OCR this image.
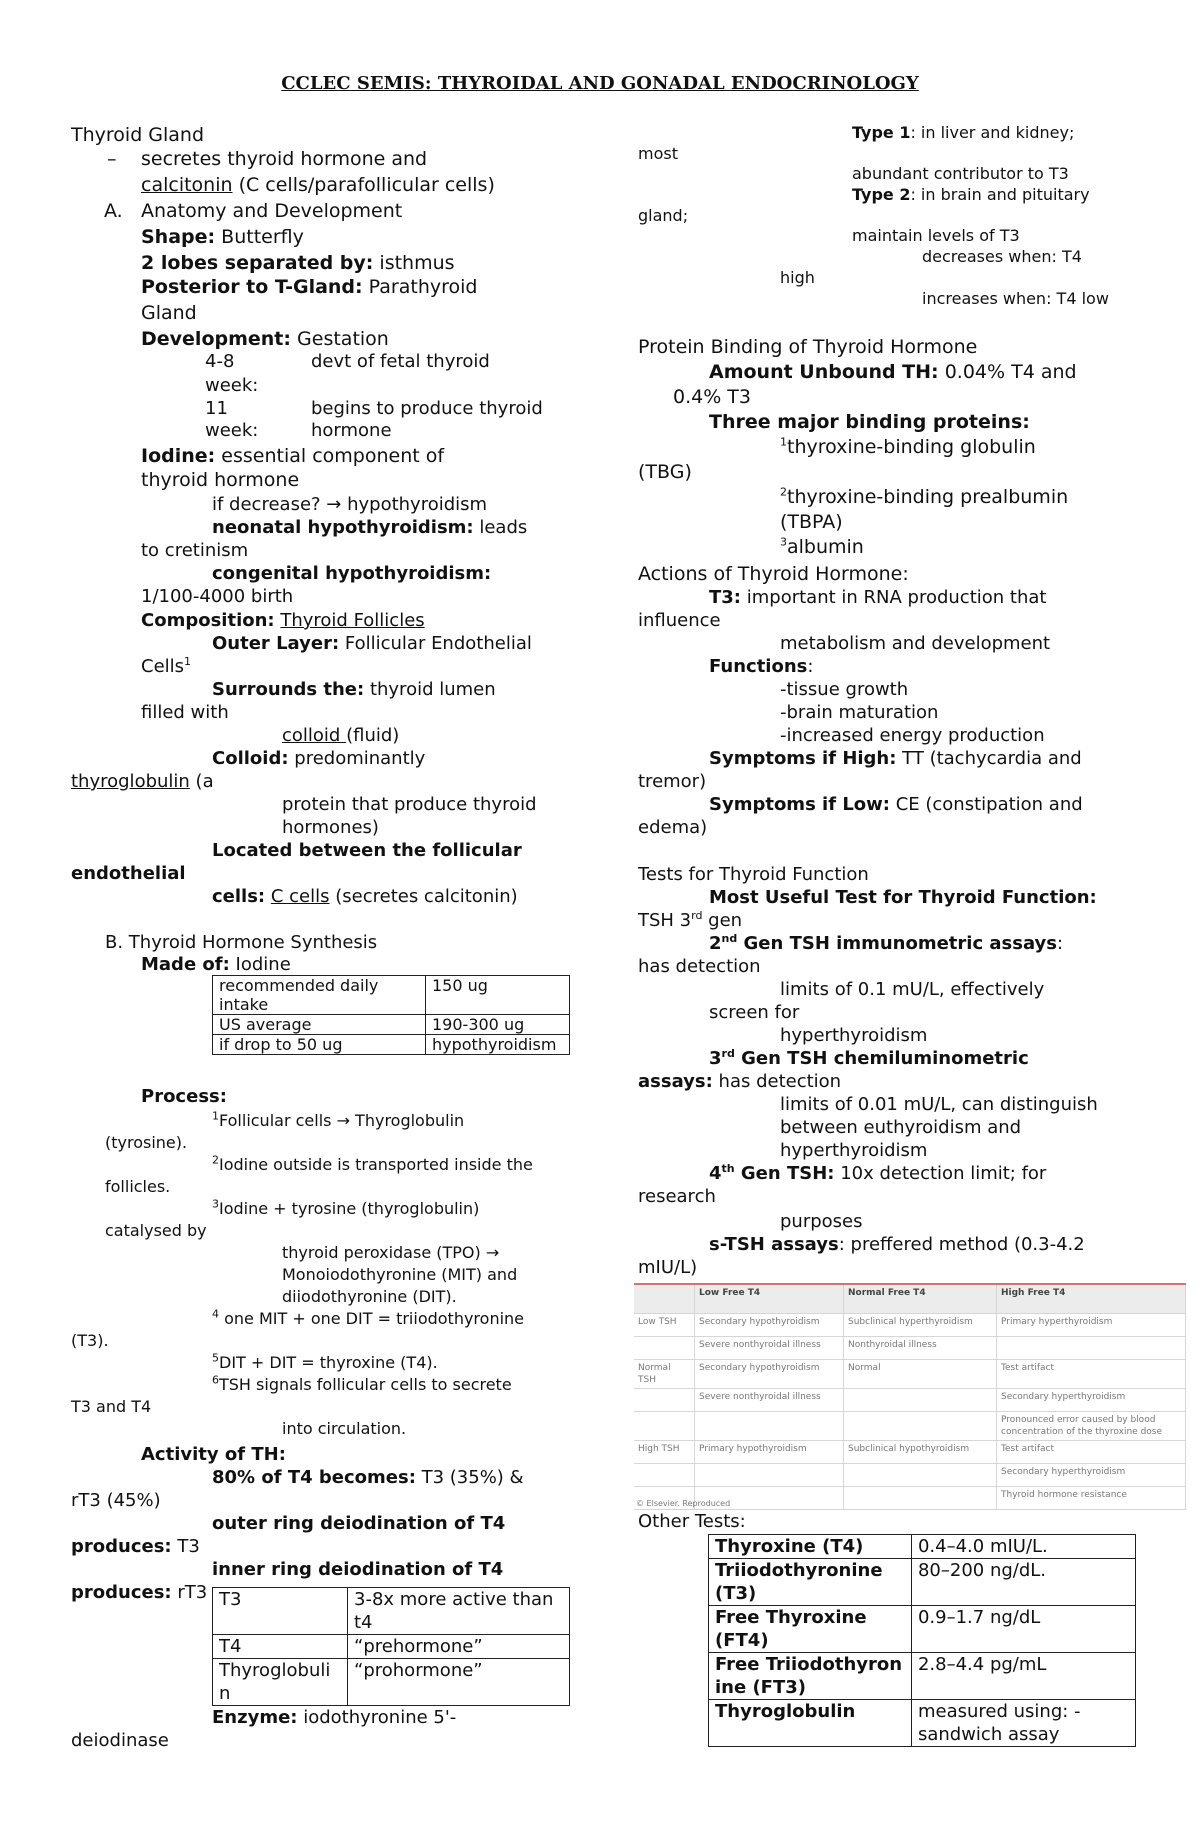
CCLEC SEMIS: THYROIDAL AND GONADAL ENDOCRINOLOGY
Thyroid Gland
– secretes thyroid hormone and
calcitonin (C cells/parafollicular cells)
A. Anatomy and Development
Shape: Butterfly
2 lobes separated by: isthmus
Posterior to T-Gland: Parathyroid
Gland
Development: Gestation
4-8	devt of fetal thyroid
week:
11	begins to produce thyroid
week:	hormone
Iodine: essential component of
thyroid hormone
if decrease? → hypothyroidism
neonatal hypothyroidism: leads
to cretinism
congenital hypothyroidism:
1/100-4000 birth
Composition: Thyroid Follicles
Outer Layer: Follicular Endothelial
Cells$^1$
Surrounds the: thyroid lumen
filled with
colloid (fluid)
Colloid: predominantly
thyroglobulin (a
protein that produce thyroid
hormones)
Located between the follicular
endothelial
cells: C cells (secretes calcitonin)
B. Thyroid Hormone Synthesis
Made of: Iodine
recommended daily intake	150 ug
US average	190-300 ug
if drop to 50 ug	hypothyroidism
Process:
$^1$Follicular cells → Thyroglobulin
(tyrosine).
$^2$Iodine outside is transported inside the
follicles.
$^3$Iodine + tyrosine (thyroglobulin)
catalysed by
thyroid peroxidase (TPO) →
Monoiodothyronine (MIT) and
diiodothyronine (DIT).
$^4$ one MIT + one DIT = triiodothyronine
(T3).
$^5$DIT + DIT = thyroxine (T4).
$^6$TSH signals follicular cells to secrete
T3 and T4
into circulation.
Activity of TH:
80% of T4 becomes: T3 (35%) &
rT3 (45%)
outer ring deiodination of T4
produces: T3
inner ring deiodination of T4
produces: rT3 T3	3-8x more active than t4
T4	“prehormone”
Thyroglobulin	“prohormone”
Enzyme: iodothyronine 5'-
deiodinase
Type 1: in liver and kidney;
most
abundant contributor to T3
Type 2: in brain and pituitary
gland;
maintain levels of T3
decreases when: T4
high
increases when: T4 low
Protein Binding of Thyroid Hormone
Amount Unbound TH: 0.04% T4 and
0.4% T3
Three major binding proteins:
$^1$thyroxine-binding globulin
(TBG)
$^2$thyroxine-binding prealbumin
(TBPA)
$^3$albumin
Actions of Thyroid Hormone:
T3: important in RNA production that
influence
metabolism and development
Functions:
-tissue growth
-brain maturation
-increased energy production
Symptoms if High: TT (tachycardia and
tremor)
Symptoms if Low: CE (constipation and
edema)
Tests for Thyroid Function
Most Useful Test for Thyroid Function:
TSH 3rd gen
2nd Gen TSH immunometric assays:
has detection
limits of 0.1 mU/L, effectively
screen for
hyperthyroidism
3rd Gen TSH chemiluminometric
assays: has detection
limits of 0.01 mU/L, can distinguish
between euthyroidism and
hyperthyroidism
4th Gen TSH: 10x detection limit; for
research
purposes
s-TSH assays: preffered method (0.3-4.2
mIU/L)
	Low Free T4	Normal Free T4	High Free T4
Low TSH	Secondary hypothyroidism	Subclinical hyperthyroidism	Primary hyperthyroidism
	Severe nonthyroidal illness	Nonthyroidal illness	
Normal TSH	Secondary hypothyroidism	Normal	Test artifact
	Severe nonthyroidal illness		Secondary hyperthyroidism
			Pronounced error caused by blood concentration of the thyroxine dose
High TSH	Primary hypothyroidism	Subclinical hypothyroidism	Test artifact
			Secondary hyperthyroidism
			Thyroid hormone resistance
© Elsevier. Reproduced
Other Tests:
Thyroxine (T4)	0.4–4.0 mIU/L.
Triiodothyronine (T3)	80–200 ng/dL.
Free Thyroxine (FT4)	0.9–1.7 ng/dL
Free Triiodothyronine (FT3)	2.8–4.4 pg/mL
Thyroglobulin	measured using: -sandwich assay
